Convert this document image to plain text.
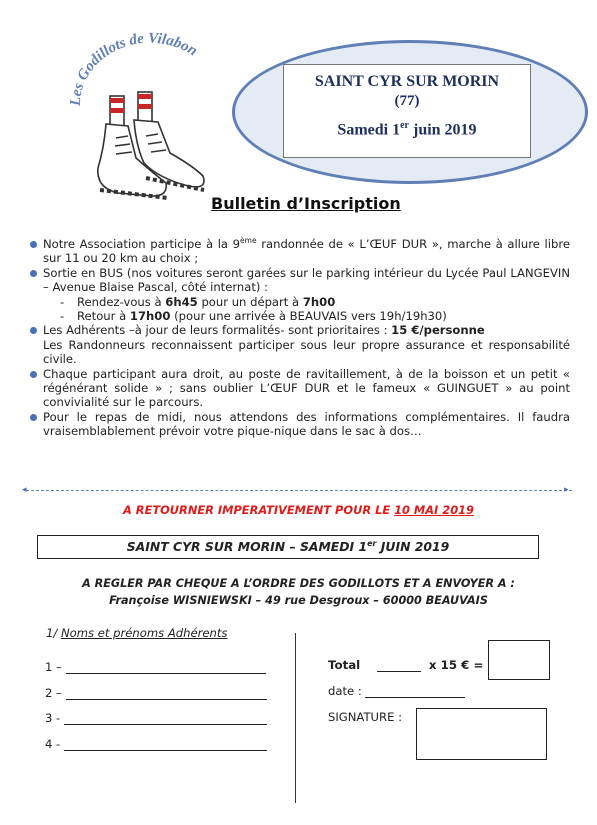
Les Godillots de Vilabon
SAINT CYR SUR MORIN
(77)
Samedi 1er juin 2019
Bulletin d’Inscription
Notre Association participe à la 9ème randonnée de « L’ŒUF DUR », marche à allure libre sur 11 ou 20 km au choix ;
Sortie en BUS (nos voitures seront garées sur le parking intérieur du Lycée Paul LANGEVIN – Avenue Blaise Pascal, côté internat) :
- Rendez-vous à 6h45 pour un départ à 7h00
- Retour à 17h00 (pour une arrivée à BEAUVAIS vers 19h/19h30)
Les Adhérents –à jour de leurs formalités- sont prioritaires : 15 €/personne
Les Randonneurs reconnaissent participer sous leur propre assurance et responsabilité civile.
Chaque participant aura droit, au poste de ravitaillement, à de la boisson et un petit « régénérant solide » ; sans oublier L’ŒUF DUR et le fameux « GUINGUET » au point convivialité sur le parcours.
Pour le repas de midi, nous attendons des informations complémentaires. Il faudra vraisemblablement prévoir votre pique-nique dans le sac à dos…
◂	▸
A RETOURNER IMPERATIVEMENT POUR LE 10 MAI 2019
SAINT CYR SUR MORIN – SAMEDI 1er JUIN 2019
A REGLER PAR CHEQUE A L’ORDRE DES GODILLOTS ET A ENVOYER A :
Françoise WISNIEWSKI – 49 rue Desgroux – 60000 BEAUVAIS
1/ Noms et prénoms Adhérents
1 –
2 –
3 -
4 -
Total	x 15 € =
date :
SIGNATURE :
